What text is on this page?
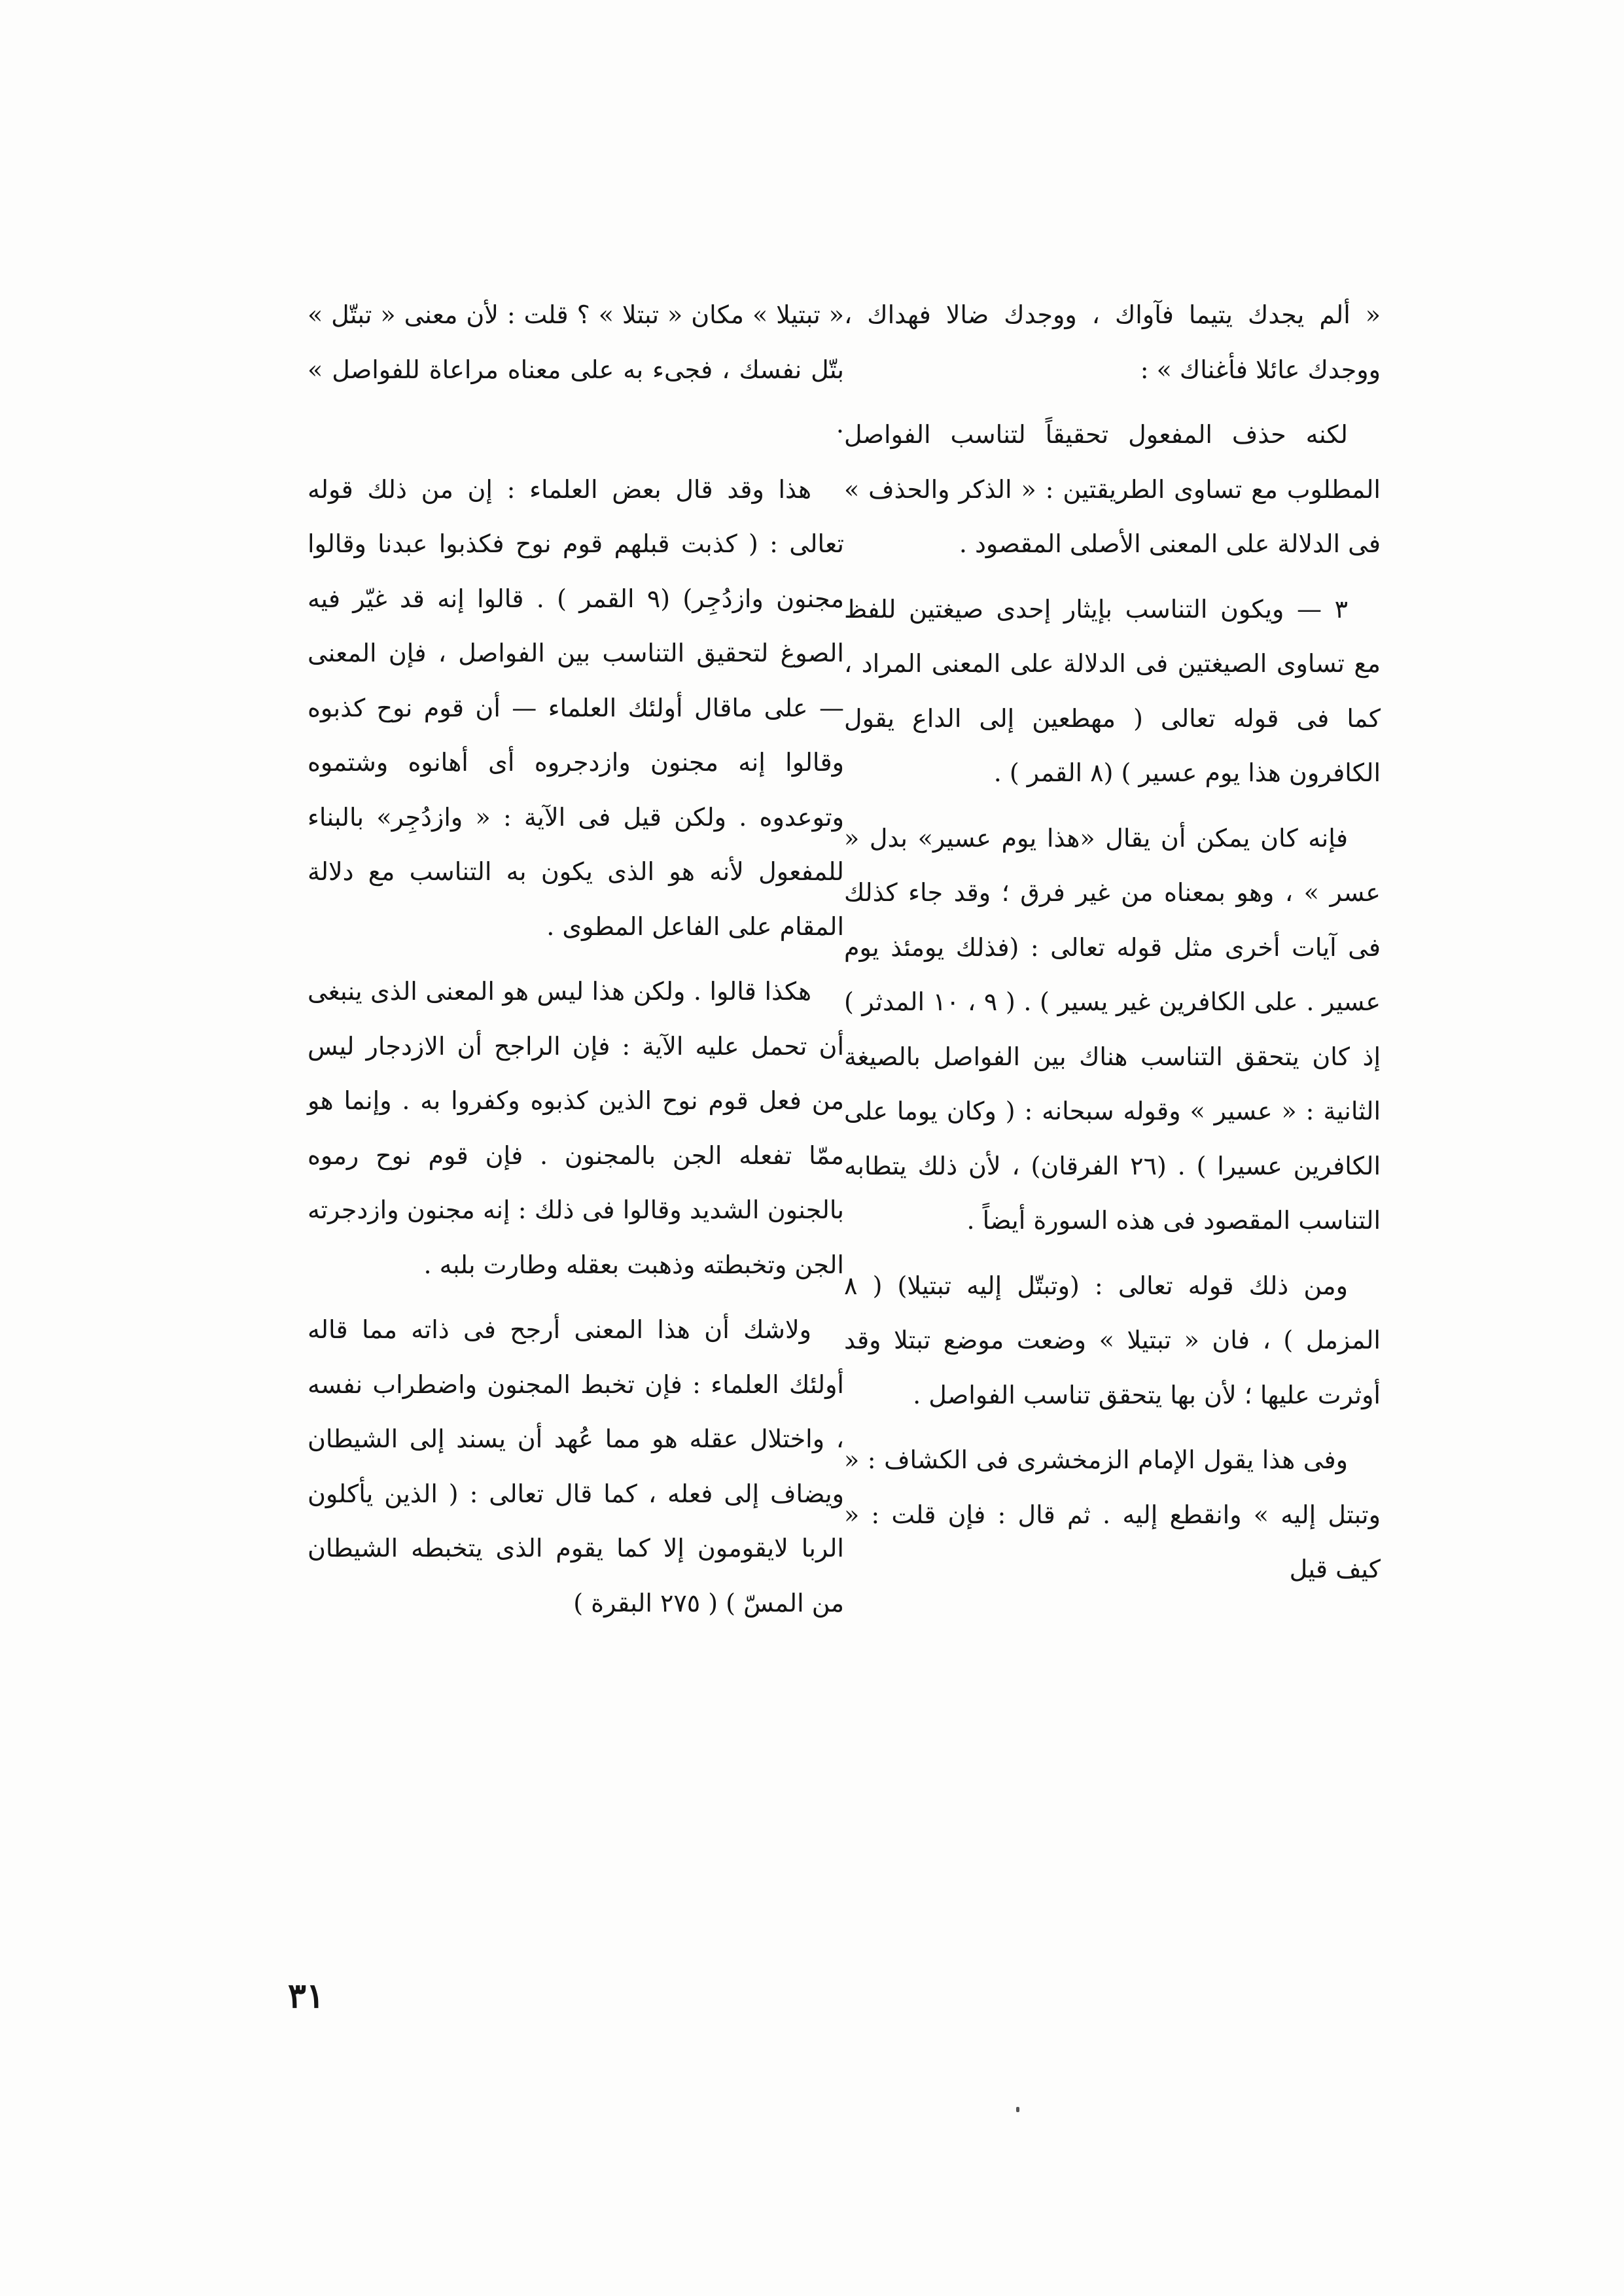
« ألم يجدك يتيما فآواك ، ووجدك ضالا فهداك ، ووجدك عائلا فأغناك » :

لكنه حذف المفعول تحقيقاً لتناسب الفواصل المطلوب مع تساوى الطريقتين : « الذكر والحذف » فى الدلالة على المعنى الأصلى المقصود .

٣ — ويكون التناسب بإيثار إحدى صيغتين للفظ مع تساوى الصيغتين فى الدلالة على المعنى المراد ، كما فى قوله تعالى ( مهطعين إلى الداع يقول الكافرون هذا يوم عسير ) (٨ القمر ) .

فإنه كان يمكن أن يقال «هذا يوم عسير» بدل « عسر » ، وهو بمعناه من غير فرق ؛ وقد جاء كذلك فى آيات أخرى مثل قوله تعالى : (فذلك يومئذ يوم عسير . على الكافرين غير يسير ) . ( ٩ ، ١٠ المدثر ) إذ كان يتحقق التناسب هناك بين الفواصل بالصيغة الثانية : « عسير » وقوله سبحانه : ( وكان يوما على الكافرين عسيرا ) . (٢٦ الفرقان) ، لأن ذلك يتطابه التناسب المقصود فى هذه السورة أيضاً .

ومن ذلك قوله تعالى : (وتبتّل إليه تبتيلا) ( ٨ المزمل ) ، فان « تبتيلا » وضعت موضع تبتلا وقد أوثرت عليها ؛ لأن بها يتحقق تناسب الفواصل .

وفى هذا يقول الإمام الزمخشرى فى الكشاف : « وتبتل إليه » وانقطع إليه . ثم قال : فإن قلت : « كيف قيل

« تبتيلا » مكان « تبتلا » ؟ قلت : لأن معنى « تبتّل » بتّل نفسك ، فجىء به على معناه مراعاة للفواصل » .

هذا وقد قال بعض العلماء : إن من ذلك قوله تعالى : ( كذبت قبلهم قوم نوح فكذبوا عبدنا وقالوا مجنون وازدُجِر) (٩ القمر ) . قالوا إنه قد غيّر فيه الصوغ لتحقيق التناسب بين الفواصل ، فإن المعنى — على ماقال أولئك العلماء — أن قوم نوح كذبوه وقالوا إنه مجنون وازدجروه أى أهانوه وشتموه وتوعدوه . ولكن قيل فى الآية : « وازدُجِر» بالبناء للمفعول لأنه هو الذى يكون به التناسب مع دلالة المقام على الفاعل المطوى .

هكذا قالوا . ولكن هذا ليس هو المعنى الذى ينبغى أن تحمل عليه الآية : فإن الراجح أن الازدجار ليس من فعل قوم نوح الذين كذبوه وكفروا به . وإنما هو ممّا تفعله الجن بالمجنون . فإن قوم نوح رموه بالجنون الشديد وقالوا فى ذلك : إنه مجنون وازدجرته الجن وتخبطته وذهبت بعقله وطارت بلبه .

ولاشك أن هذا المعنى أرجح فى ذاته مما قاله أولئك العلماء : فإن تخبط المجنون واضطراب نفسه ، واختلال عقله هو مما عُهد أن يسند إلى الشيطان ويضاف إلى فعله ، كما قال تعالى : ( الذين يأكلون الربا لايقومون إلا كما يقوم الذى يتخبطه الشيطان من المسّ ) ( ٢٧٥ البقرة )

٣١
